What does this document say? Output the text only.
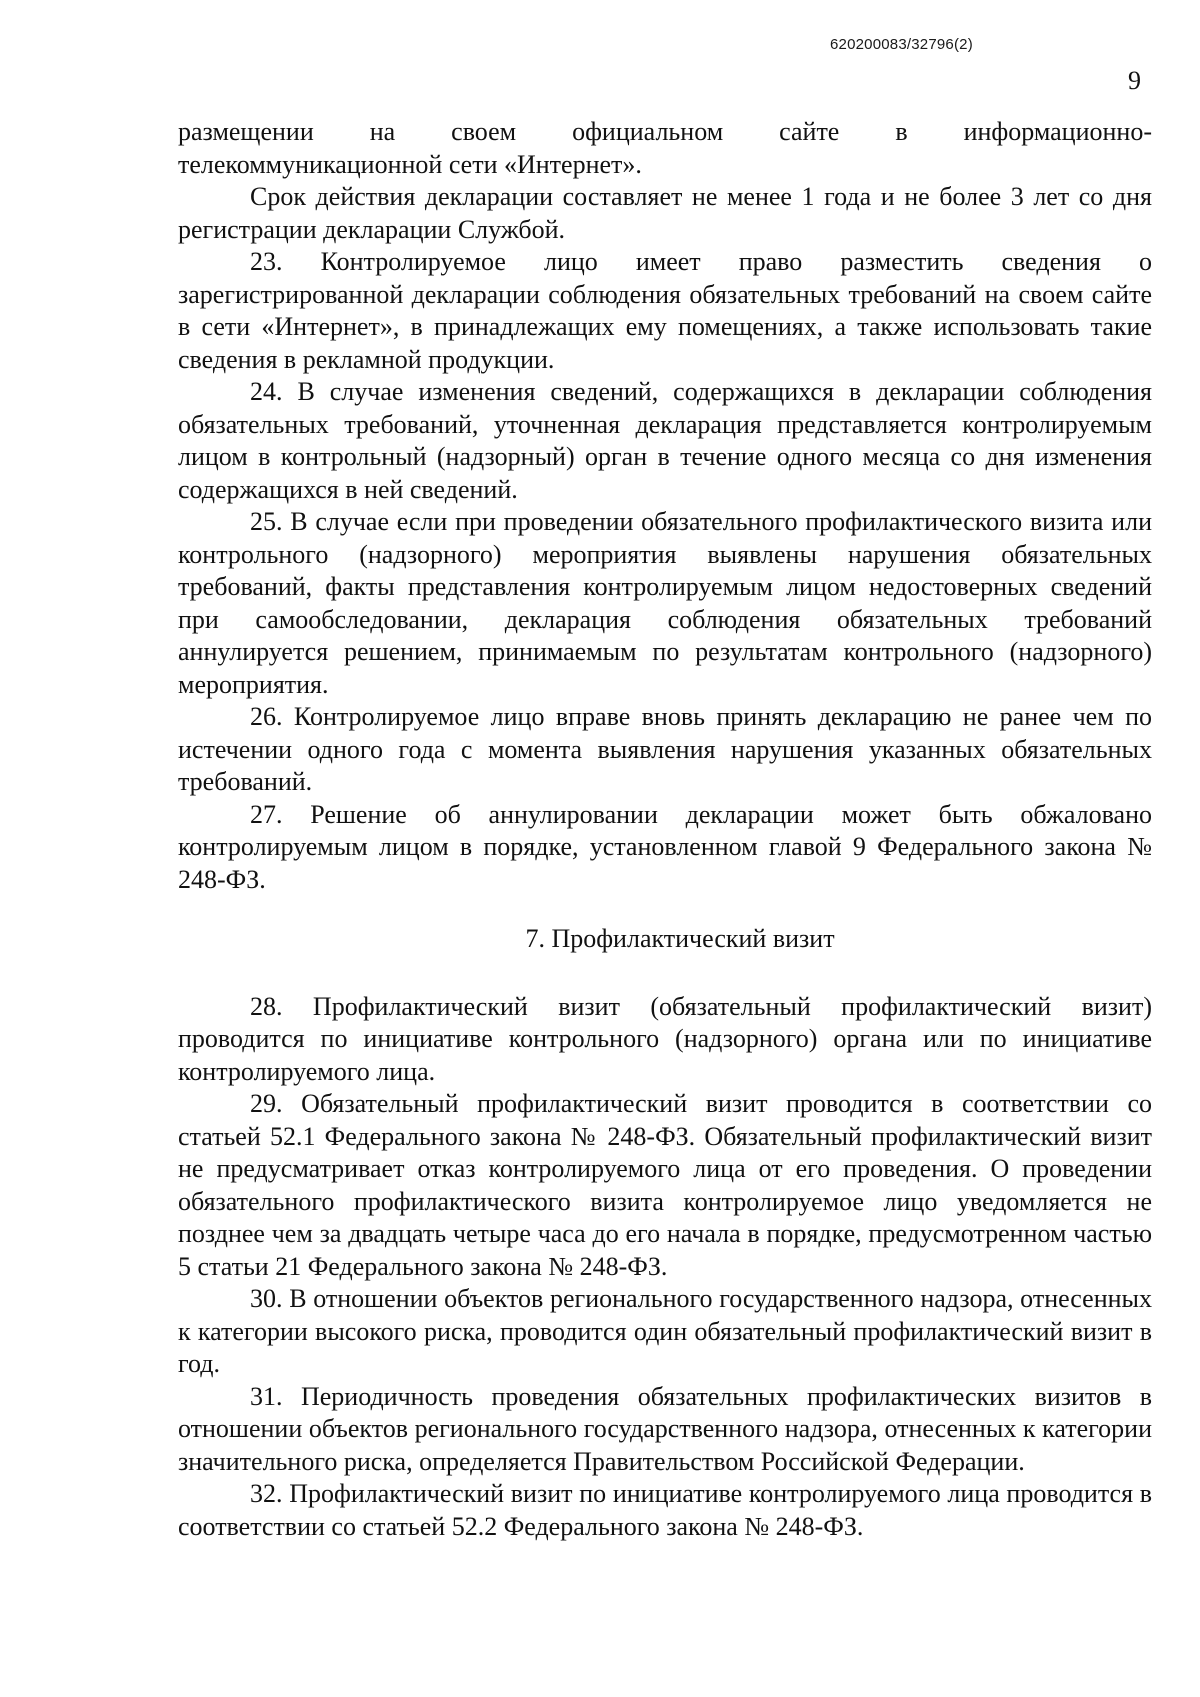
620200083/32796(2)
9

размещении на своем официальном сайте в информационно-

телекоммуникационной сети «Интернет».

Срок действия декларации составляет не менее 1 года и не более 3 лет со дня регистрации декларации Службой.

23. Контролируемое лицо имеет право разместить сведения о зарегистрированной декларации соблюдения обязательных требований на своем сайте в сети «Интернет», в принадлежащих ему помещениях, а также использовать такие сведения в рекламной продукции.

24. В случае изменения сведений, содержащихся в декларации соблюдения обязательных требований, уточненная декларация представляется контролируемым лицом в контрольный (надзорный) орган в течение одного месяца со дня изменения содержащихся в ней сведений.

25. В случае если при проведении обязательного профилактического визита или контрольного (надзорного) мероприятия выявлены нарушения обязательных требований, факты представления контролируемым лицом недостоверных сведений при самообследовании, декларация соблюдения обязательных требований аннулируется решением, принимаемым по результатам контрольного (надзорного) мероприятия.

26. Контролируемое лицо вправе вновь принять декларацию не ранее чем по истечении одного года с момента выявления нарушения указанных обязательных требований.

27. Решение об аннулировании декларации может быть обжаловано контролируемым лицом в порядке, установленном главой 9 Федерального закона № 248-ФЗ.

7. Профилактический визит

28. Профилактический визит (обязательный профилактический визит) проводится по инициативе контрольного (надзорного) органа или по инициативе контролируемого лица.

29. Обязательный профилактический визит проводится в соответствии со статьей 52.1 Федерального закона № 248-ФЗ. Обязательный профилактический визит не предусматривает отказ контролируемого лица от его проведения. О проведении обязательного профилактического визита контролируемое лицо уведомляется не позднее чем за двадцать четыре часа до его начала в порядке, предусмотренном частью 5 статьи 21 Федерального закона № 248-ФЗ.

30. В отношении объектов регионального государственного надзора, отнесенных к категории высокого риска, проводится один обязательный профилактический визит в год.

31. Периодичность проведения обязательных профилактических визитов в отношении объектов регионального государственного надзора, отнесенных к категории значительного риска, определяется Правительством Российской Федерации.

32. Профилактический визит по инициативе контролируемого лица проводится в соответствии со статьей 52.2 Федерального закона № 248-ФЗ.
